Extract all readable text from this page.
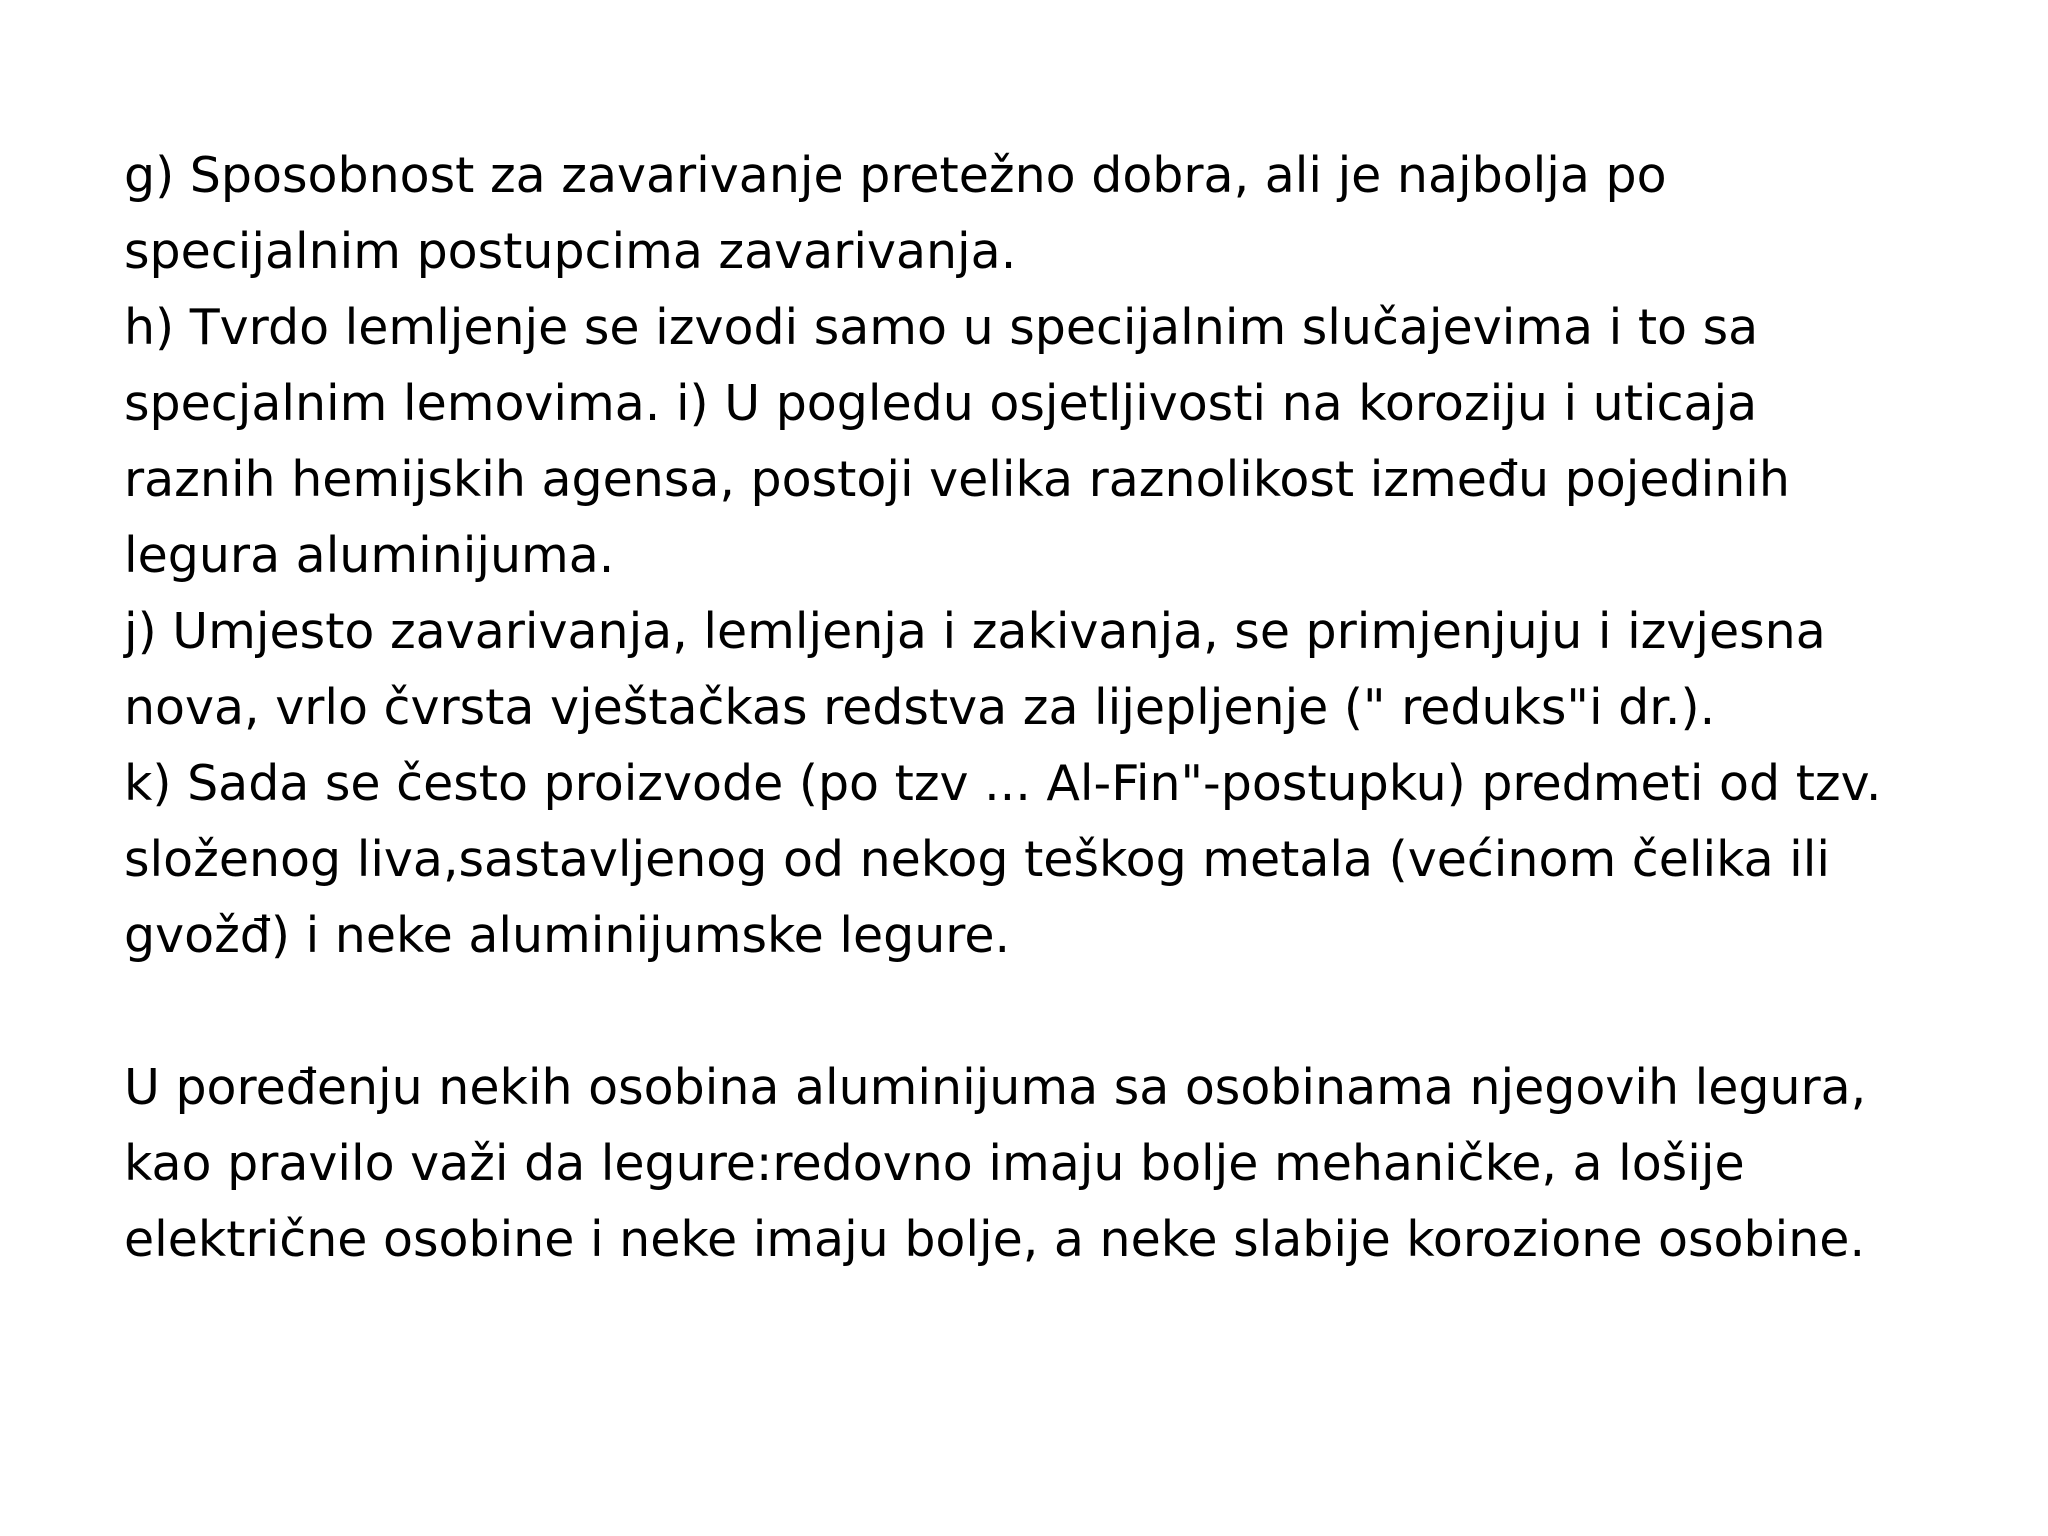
g) Sposobnost za zavarivanje pretežno dobra, ali je najbolja po
specijalnim postupcima zavarivanja.
h) Tvrdo lemljenje se izvodi samo u specijalnim slučajevima i to sa
specjalnim lemovima. i) U pogledu osjetljivosti na koroziju i uticaja
raznih hemijskih agensa, postoji velika raznolikost između pojedinih
legura aluminijuma.
j) Umjesto zavarivanja, lemljenja i zakivanja, se primjenjuju i izvjesna
nova, vrlo čvrsta vještačkas redstva za lijepljenje (" reduks"i dr.).
k) Sada se često proizvode (po tzv ... Al-Fin"-postupku) predmeti od tzv.
složenog liva,sastavljenog od nekog teškog metala (većinom čelika ili
gvožđ) i neke aluminijumske legure.
U poređenju nekih osobina aluminijuma sa osobinama njegovih legura,
kao pravilo važi da legure:redovno imaju bolje mehaničke, a lošije
električne osobine i neke imaju bolje, a neke slabije korozione osobine.
